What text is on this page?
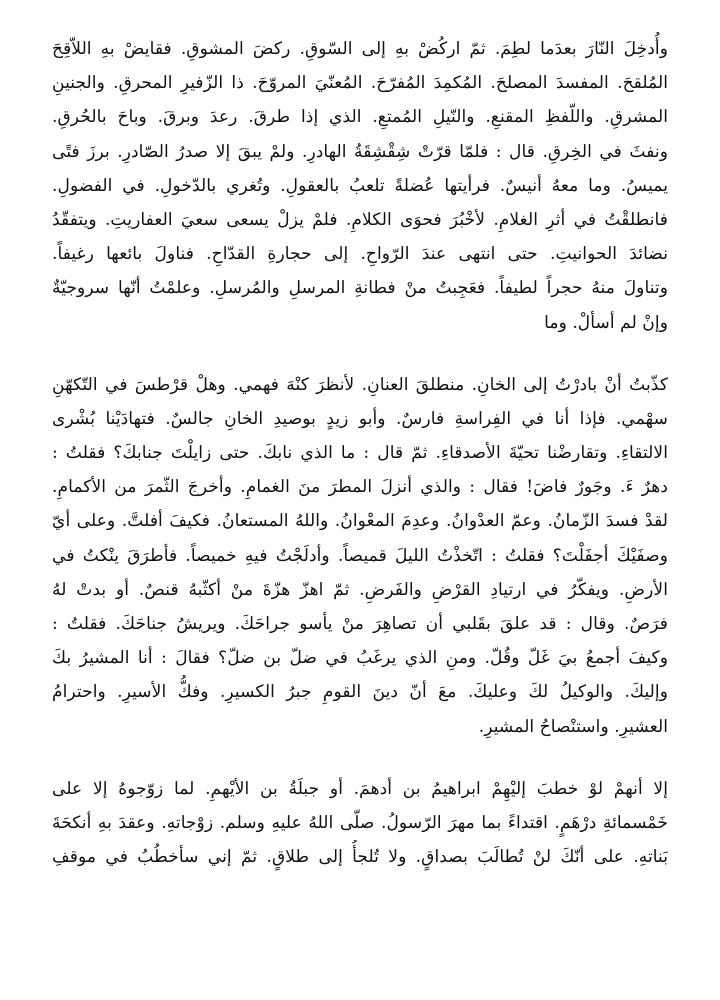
وأُدخِلَ النّارَ بعدَما لطِمَ. ثمّ اركُضْ بهِ إلى السّوقِ. ركضَ المشوقِ. فقايضْ بهِ اللاّقِحَ
المُلقحَ. المفسدَ المصلحَ. المُكمِدَ المُفرّحَ. المُعنّيَ المروّحَ. ذا الزّفيرِ المحرقِ. والجنينِ
المشرقِ. واللّفظِ المقنعِ. والنّيلِ المُمتعِ. الذي إذا طرقَ. رعدَ وبرقَ. وباحَ بالحُرقِ.
ونفثَ في الخِرقِ. قال : فلمّا قرّتْ شِقْشِقَةُ الهادرِ. ولمْ يبقَ إلا صدرُ الصّادرِ. برزَ فتًى
يميسُ. وما معهُ أنيسٌ. فرأيتها عُضلةً تلعبُ بالعقولِ. وتُغري بالدّخولِ. في الفضولِ.
فانطلقْتُ في أثرِ الغلامِ. لأخْبُرَ فحوَى الكلامِ. فلمْ يزلْ يسعى سعيَ العفاريتِ. ويتفقّدُ
نضائدَ الحوانيتِ. حتى انتهى عندَ الرّواحِ. إلى حجارةِ القدّاحِ. فناولَ بائعها رغيفاً.
وتناولَ منهُ حجراً لطيفاً. فعَجِبتُ منْ فطانةِ المرسلِ والمُرسلِ. وعلمْتُ أنّها سروجيّةٌ
وإنْ لم أسألْ. وما
كذّبتُ أنْ بادرْتُ إلى الخانِ. منطلقَ العنانِ. لأنظرَ كنْهَ فهمي. وهلْ قرْطسَ في التّكهّنِ
سهْمي. فإذا أنا في الفِراسةِ فارسٌ. وأبو زيدٍ بوصيدِ الخانِ جالسٌ. فتهادَيْنا بُشْرى
الالتقاءِ. وتقارضْنا تحيّةَ الأصدقاءِ. ثمّ قال : ما الذي نابكَ. حتى زايلْتَ جنابكَ؟ فقلتُ :
دهرٌ ءَ. وجَورٌ فاضَ! فقال : والذي أنزلَ المطرَ منَ الغمامِ. وأخرجَ الثّمرَ من الأكمامِ.
لقدْ فسدَ الزّمانُ. وعمّ العدْوانُ. وعدِمَ المعْوانُ. واللهُ المستعانُ. فكيفَ أفلتَّ. وعلى أيّ
وصفَيْكَ أجفَلْتَ؟ فقلتُ : اتّخذْتُ الليلَ قميصاً. وأدلَجْتُ فيهِ خميصاً. فأطرَقَ ينْكتُ في
الأرضِ. ويفكّرُ في ارتيادِ القرْضِ والفَرضِ. ثمّ اهزّ هزّةَ منْ أكثّبهُ قنصٌ. أو بدتْ لهُ
فرَصٌ. وقال : قد علقَ بقَلبي أن تصاهِرَ منْ يأسو جراحَكَ. ويريشُ جناحَكَ. فقلتُ :
وكيفَ أجمعُ بيَ غَلّ وقُلّ. ومنِ الذي يرغَبُ في ضلّ بن ضلّ؟ فقالَ : أنا المشيرُ بكَ
وإليكَ. والوكيلُ لكَ وعليكَ. معَ أنّ دينَ القومِ جبرُ الكسيرِ. وفكُّ الأسيرِ. واحترامُ
العشيرِ. واستنْصاحُ المشيرِ.
إلا أنهمْ لوْ خطبَ إليْهِمْ ابراهيمُ بن أدهمَ. أو جبلَةُ بن الأيْهمِ. لما زوّجوهُ إلا على
خَمْسمائةِ درْهَمٍ. اقتداءً بما مهرَ الرّسولُ. صلّى اللهُ عليهِ وسلم. زوْجاتهِ. وعقدَ بهِ أنكحَةَ
بَناتهِ. على أنّكَ لنْ تُطالَبَ بصداقٍ. ولا تُلجأُ إلى طلاقٍ. ثمّ إني سأخطُبُ في موقفِ
